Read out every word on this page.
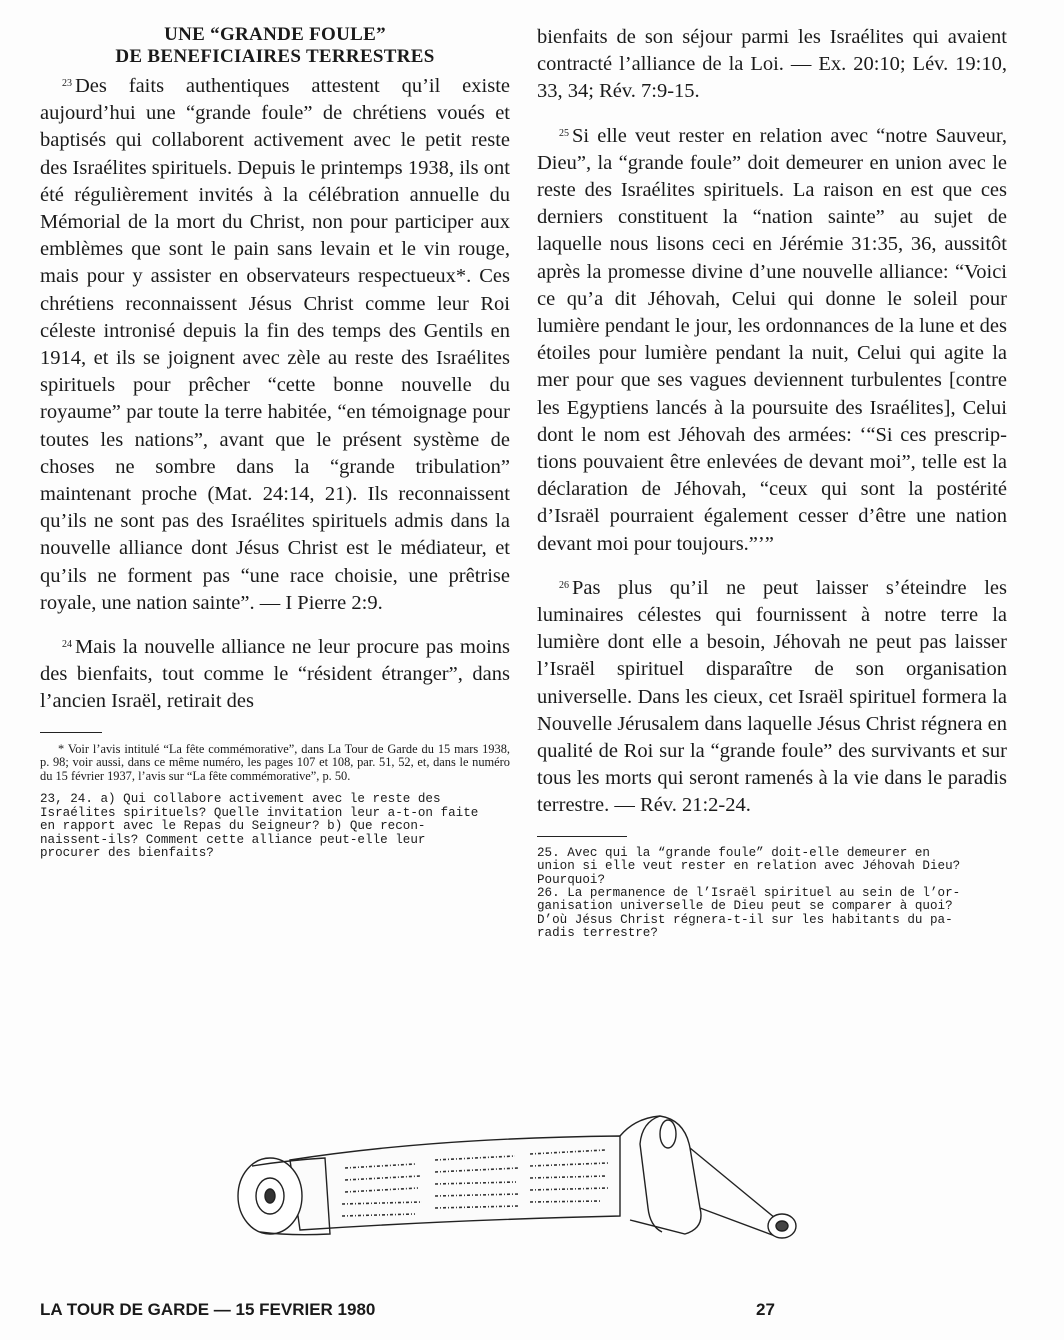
UNE “GRANDE FOULE”
DE BENEFICIAIRES TERRESTRES

$^{23}$ Des faits authentiques attestent qu’il existe aujourd’hui une “grande foule” de chrétiens voués et baptisés qui collaborent activement avec le petit reste des Israélites spirituels. Depuis le printemps 1938, ils ont été régulièrement invités à la célébration annuelle du Mémorial de la mort du Christ, non pour participer aux emblèmes que sont le pain sans levain et le vin rouge, mais pour y assister en observateurs respectueux*. Ces chrétiens reconnaissent Jésus Christ comme leur Roi céleste intronisé depuis la fin des temps des Gentils en 1914, et ils se joignent avec zèle au reste des Israélites spirituels pour prêcher “cette bonne nouvelle du royaume” par toute la terre habitée, “en témoignage pour toutes les nations”, avant que le présent système de choses ne sombre dans la “grande tribulation” maintenant proche (Mat. 24:14, 21). Ils reconnaissent qu’ils ne sont pas des Israélites spirituels admis dans la nouvelle alliance dont Jésus Christ est le médiateur, et qu’ils ne forment pas “une race choisie, une prêtrise royale, une nation sainte”. — I Pierre 2:9.

$^{24}$ Mais la nouvelle alliance ne leur procure pas moins des bienfaits, tout comme le “résident étranger”, dans l’ancien Israël, retirait des

* Voir l’avis intitulé “La fête commémorative”, dans La Tour de Garde du 15 mars 1938, p. 98; voir aussi, dans ce même numéro, les pages 107 et 108, par. 51, 52, et, dans le numéro du 15 février 1937, l’avis sur “La fête commémorative”, p. 50.

23, 24. a) Qui collabore activement avec le reste des
Israélites spirituels? Quelle invitation leur a-t-on faite
en rapport avec le Repas du Seigneur? b) Que recon-
naissent-ils? Comment cette alliance peut-elle leur
procurer des bienfaits?

bienfaits de son séjour parmi les Israélites qui avaient contracté l’alliance de la Loi. — Ex. 20:10; Lév. 19:10, 33, 34; Rév. 7:9-15.

$^{25}$ Si elle veut rester en relation avec “notre Sauveur, Dieu”, la “grande foule” doit demeurer en union avec le reste des Israélites spirituels. La raison en est que ces derniers constituent la “nation sainte” au sujet de laquelle nous lisons ceci en Jérémie 31:35, 36, aussitôt après la promesse divine d’une nouvelle alliance: “Voici ce qu’a dit Jéhovah, Celui qui donne le soleil pour lumière pendant le jour, les ordonnances de la lune et des étoiles pour lumière pendant la nuit, Celui qui agite la mer pour que ses vagues deviennent turbulentes [contre les Egyptiens lancés à la poursuite des Israélites], Celui dont le nom est Jéhovah des armées: ‘“Si ces prescriptions pouvaient être enlevées de devant moi”, telle est la déclaration de Jéhovah, “ceux qui sont la postérité d’Israël pourraient également cesser d’être une nation devant moi pour toujours.”’”

$^{26}$ Pas plus qu’il ne peut laisser s’éteindre les luminaires célestes qui fournissent à notre terre la lumière dont elle a besoin, Jéhovah ne peut pas laisser l’Israël spirituel disparaître de son organisation universelle. Dans les cieux, cet Israël spirituel formera la Nouvelle Jérusalem dans laquelle Jésus Christ régnera en qualité de Roi sur la “grande foule” des survivants et sur tous les morts qui seront ramenés à la vie dans le paradis terrestre. — Rév. 21:2-24.

25. Avec qui la “grande foule” doit-elle demeurer en
union si elle veut rester en relation avec Jéhovah Dieu?
Pourquoi?
26. La permanence de l’Israël spirituel au sein de l’or-
ganisation universelle de Dieu peut se comparer à quoi?
D’où Jésus Christ régnera-t-il sur les habitants du pa-
radis terrestre?

LA TOUR DE GARDE — 15 FEVRIER 1980	27
